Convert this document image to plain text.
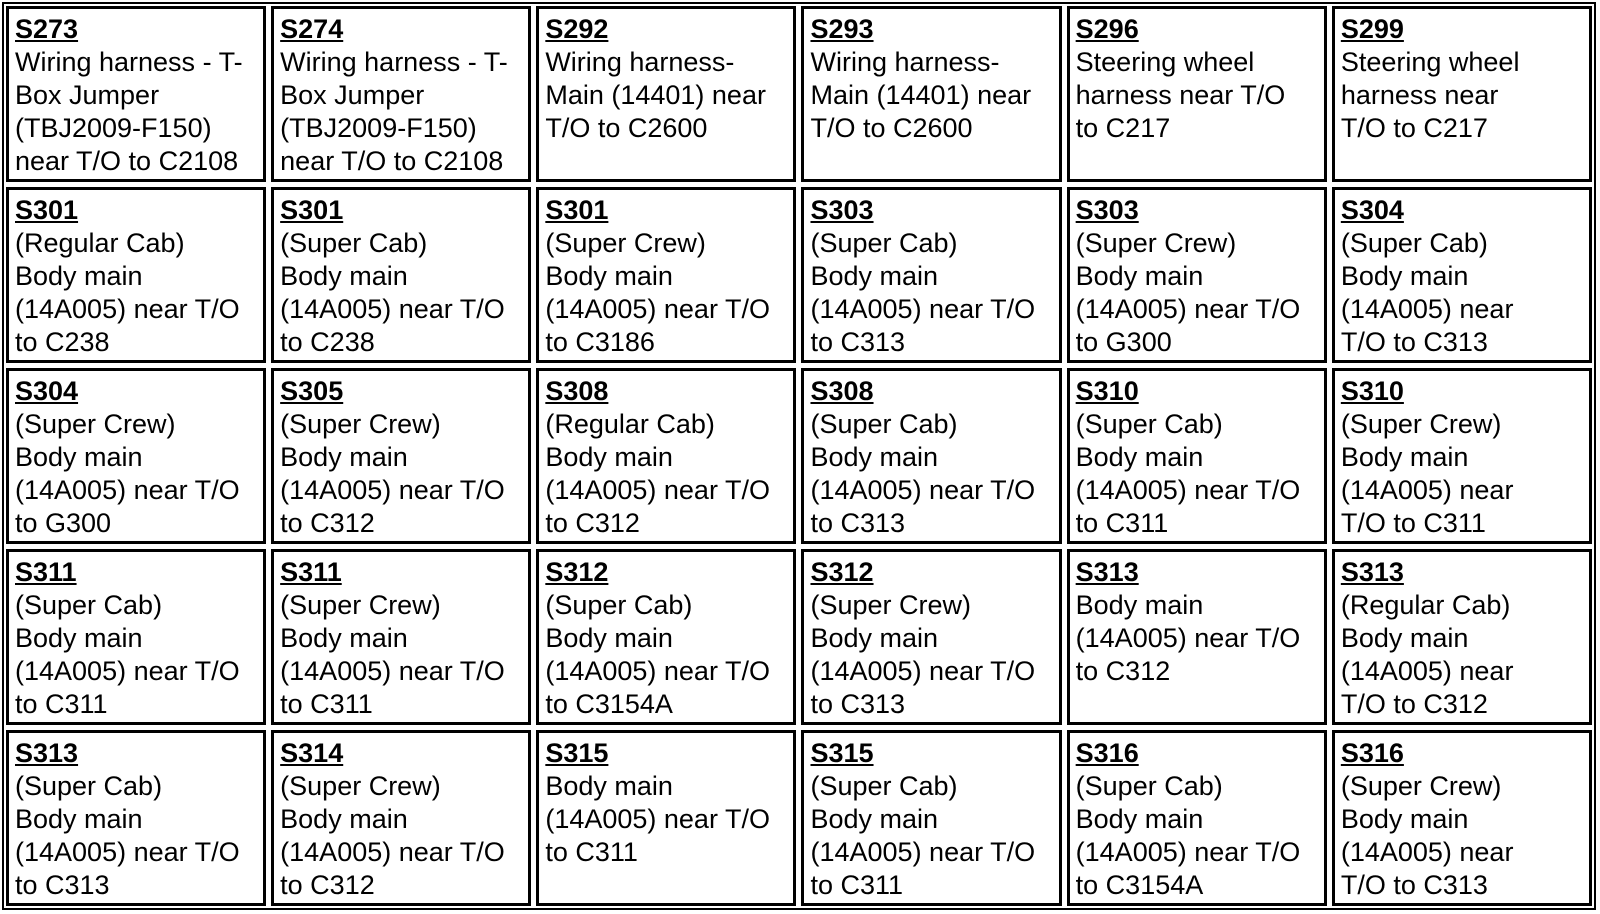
S273
Wiring harness - T-
Box Jumper
(TBJ2009-F150)
near T/O to C2108
S274
Wiring harness - T-
Box Jumper
(TBJ2009-F150)
near T/O to C2108
S292
Wiring harness-
Main (14401) near
T/O to C2600
S293
Wiring harness-
Main (14401) near
T/O to C2600
S296
Steering wheel
harness near T/O
to C217
S299
Steering wheel
harness near
T/O to C217
S301
(Regular Cab)
Body main
(14A005) near T/O
to C238
S301
(Super Cab)
Body main
(14A005) near T/O
to C238
S301
(Super Crew)
Body main
(14A005) near T/O
to C3186
S303
(Super Cab)
Body main
(14A005) near T/O
to C313
S303
(Super Crew)
Body main
(14A005) near T/O
to G300
S304
(Super Cab)
Body main
(14A005) near
T/O to C313
S304
(Super Crew)
Body main
(14A005) near T/O
to G300
S305
(Super Crew)
Body main
(14A005) near T/O
to C312
S308
(Regular Cab)
Body main
(14A005) near T/O
to C312
S308
(Super Cab)
Body main
(14A005) near T/O
to C313
S310
(Super Cab)
Body main
(14A005) near T/O
to C311
S310
(Super Crew)
Body main
(14A005) near
T/O to C311
S311
(Super Cab)
Body main
(14A005) near T/O
to C311
S311
(Super Crew)
Body main
(14A005) near T/O
to C311
S312
(Super Cab)
Body main
(14A005) near T/O
to C3154A
S312
(Super Crew)
Body main
(14A005) near T/O
to C313
S313
Body main
(14A005) near T/O
to C312
S313
(Regular Cab)
Body main
(14A005) near
T/O to C312
S313
(Super Cab)
Body main
(14A005) near T/O
to C313
S314
(Super Crew)
Body main
(14A005) near T/O
to C312
S315
Body main
(14A005) near T/O
to C311
S315
(Super Cab)
Body main
(14A005) near T/O
to C311
S316
(Super Cab)
Body main
(14A005) near T/O
to C3154A
S316
(Super Crew)
Body main
(14A005) near
T/O to C313
